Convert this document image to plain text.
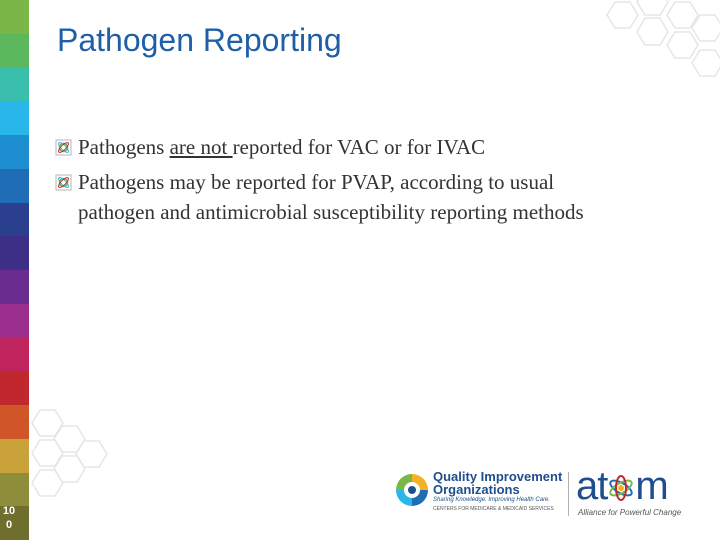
Pathogen Reporting
Pathogens are not reported for VAC or for IVAC
Pathogens may be reported for PVAP, according to usual
pathogen and antimicrobial susceptibility reporting methods
10
0
Quality Improvement
Organizations
Sharing Knowledge. Improving Health Care.
CENTERS FOR MEDICARE & MEDICAID SERVICES
at m
Alliance for Powerful Change
